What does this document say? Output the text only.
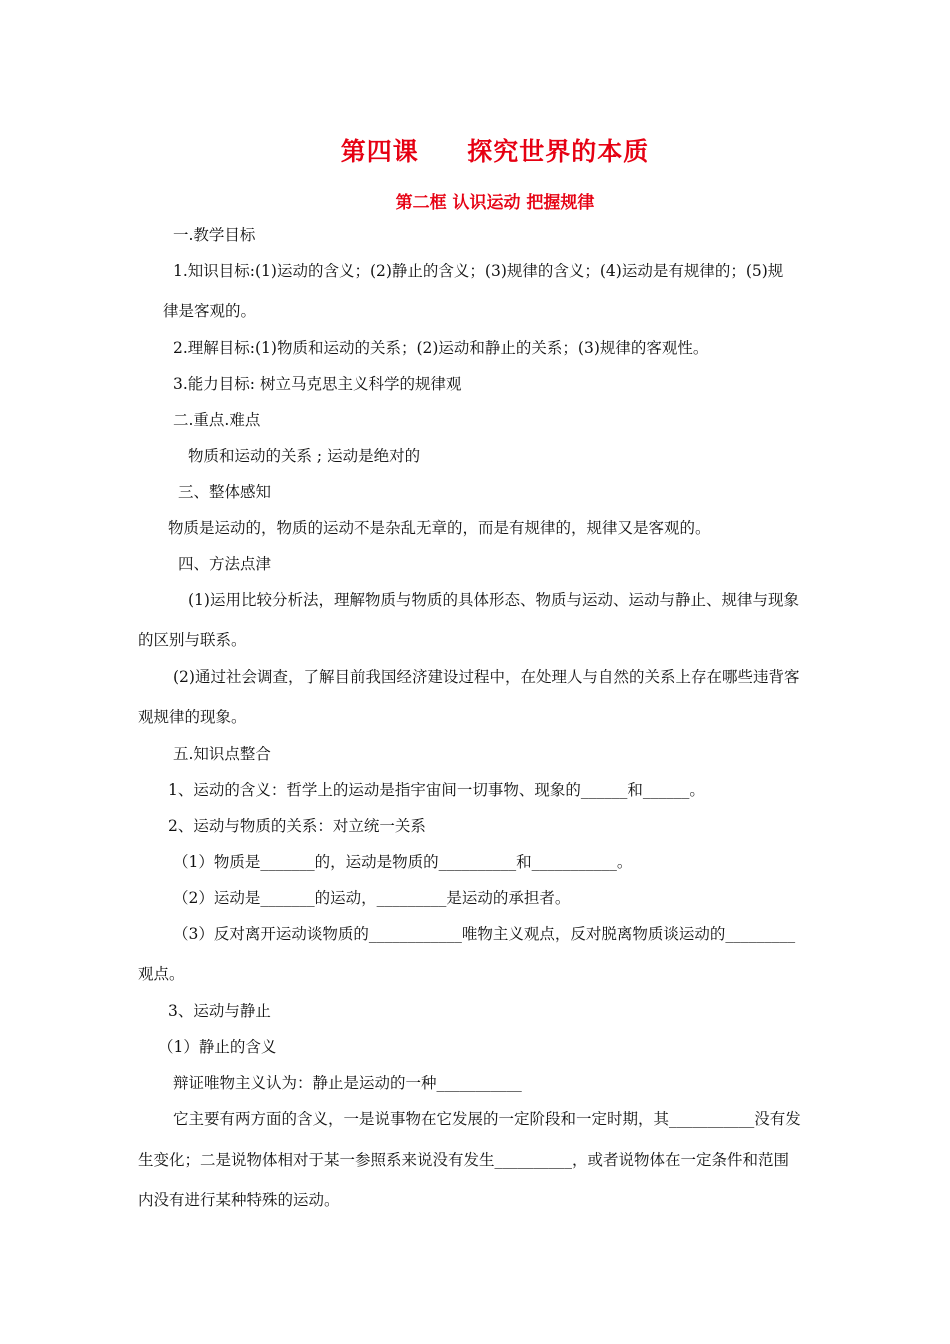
第四课     探究世界的本质
第二框 认识运动 把握规律
一.教学目标
1.知识目标:(1)运动的含义；(2)静止的含义；(3)规律的含义；(4)运动是有规律的；(5)规
律是客观的。
2.理解目标:(1)物质和运动的关系；(2)运动和静止的关系；(3)规律的客观性。
3.能力目标: 树立马克思主义科学的规律观
二.重点.难点
物质和运动的关系 ; 运动是绝对的
三、整体感知
物质是运动的，物质的运动不是杂乱无章的，而是有规律的，规律又是客观的。
四、方法点津
(1)运用比较分析法，理解物质与物质的具体形态、物质与运动、运动与静止、规律与现象
的区别与联系。
(2)通过社会调查，了解目前我国经济建设过程中，在处理人与自然的关系上存在哪些违背客
观规律的现象。
五.知识点整合
1、运动的含义：哲学上的运动是指宇宙间一切事物、现象的______和______。
2、运动与物质的关系：对立统一关系
（1）物质是_______的，运动是物质的__________和___________。
（2）运动是_______的运动，_________是运动的承担者。
（3）反对离开运动谈物质的____________唯物主义观点，反对脱离物质谈运动的_________
观点。
3、运动与静止
（1）静止的含义
辩证唯物主义认为：静止是运动的一种___________
它主要有两方面的含义，一是说事物在它发展的一定阶段和一定时期，其___________没有发
生变化；二是说物体相对于某一参照系来说没有发生__________，或者说物体在一定条件和范围
内没有进行某种特殊的运动。
